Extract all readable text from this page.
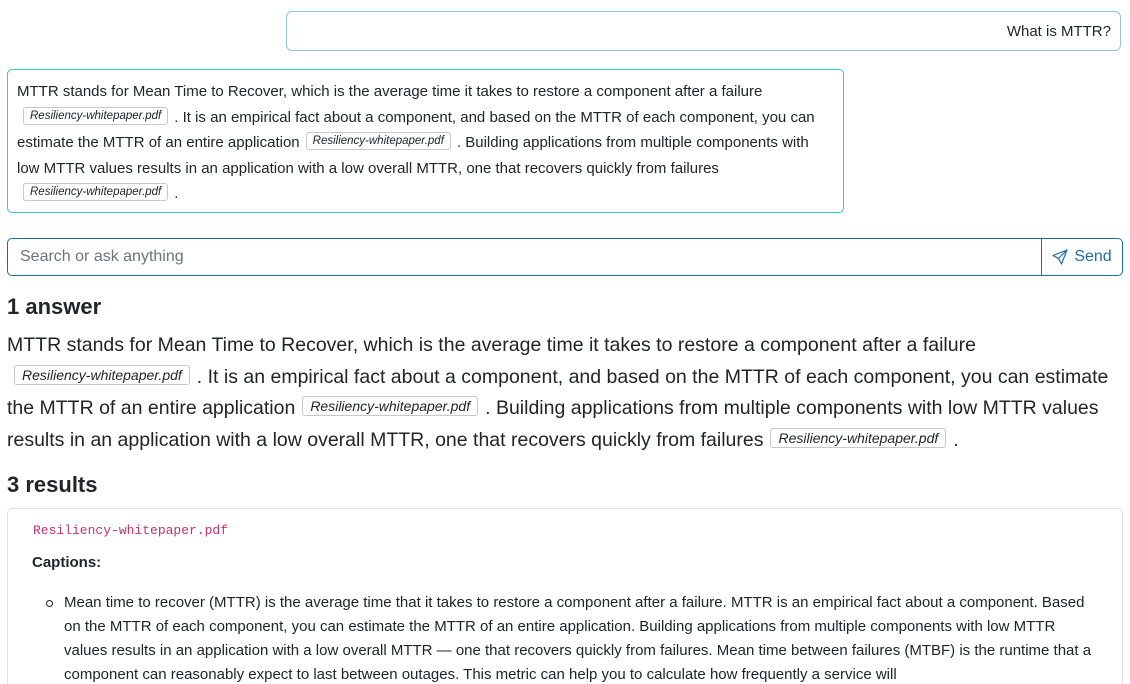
What is MTTR?
MTTR stands for Mean Time to Recover, which is the average time it takes to restore a component after a failureResiliency-whitepaper.pdf . It is an empirical fact about a component, and based on the MTTR of each component, you can estimate the MTTR of an entire application Resiliency-whitepaper.pdf . Building applications from multiple components with low MTTR values results in an application with a low overall MTTR, one that recovers quickly from failuresResiliency-whitepaper.pdf .
Search or ask anything
Send
1 answer
MTTR stands for Mean Time to Recover, which is the average time it takes to restore a component after a failureResiliency-whitepaper.pdf . It is an empirical fact about a component, and based on the MTTR of each component, you can estimate the MTTR of an entire application Resiliency-whitepaper.pdf . Building applications from multiple components with low MTTR values results in an application with a low overall MTTR, one that recovers quickly from failures Resiliency-whitepaper.pdf .
3 results
Resiliency-whitepaper.pdf
Captions:
Mean time to recover (MTTR) is the average time that it takes to restore a component after a failure. MTTR is an empirical fact about a component. Based on the MTTR of each component, you can estimate the MTTR of an entire application. Building applications from multiple components with low MTTR values results in an application with a low overall MTTR — one that recovers quickly from failures. Mean time between failures (MTBF) is the runtime that a component can reasonably expect to last between outages. This metric can help you to calculate how frequently a service will
